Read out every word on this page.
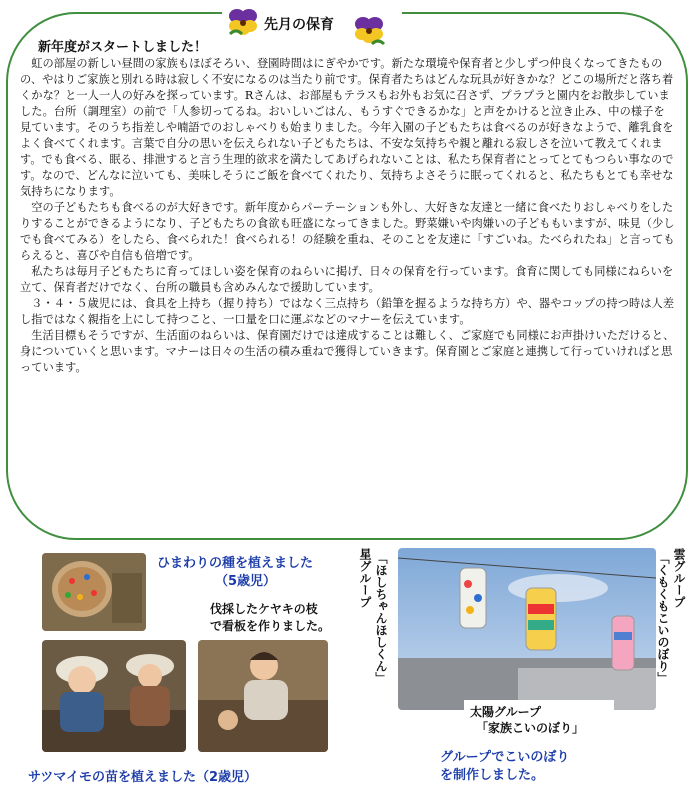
先月の保育
新年度がスタートしました！

虹の部屋の新しい昼間の家族もほぼそろい、登園時間はにぎやかです。新たな環境や保育者と少しずつ仲良くなってきたものの、やはりご家族と別れる時は寂しく不安になるのは当たり前です。保育者たちはどんな玩具が好きかな？どこの場所だと落ち着くかな？と一人一人の好みを探っています。Rさんは、お部屋もテラスもお外もお気に召さず、プラプラと園内をお散歩していました。台所（調理室）の前で「人参切ってるね。おいしいごはん、もうすぐできるかな」と声をかけると泣き止み、中の様子を見ています。そのうち指差しや喃語でのおしゃべりも始まりました。今年入園の子どもたちは食べるのが好きなようで、離乳食をよく食べてくれます。言葉で自分の思いを伝えられない子どもたちは、不安な気持ちや親と離れる寂しさを泣いて教えてくれます。でも食べる、眠る、排泄すると言う生理的欲求を満たしてあげられないことは、私たち保育者にとってとてもつらい事なのです。なので、どんなに泣いても、美味しそうにご飯を食べてくれたり、気持ちよさそうに眠ってくれると、私たちもとても幸せな気持ちになります。

空の子どもたちも食べるのが大好きです。新年度からパーテーションも外し、大好きな友達と一緒に食べたりおしゃべりをしたりすることができるようになり、子どもたちの食欲も旺盛になってきました。野菜嫌いや肉嫌いの子どももいますが、味見（少しでも食べてみる）をしたら、食べられた！食べられる！の経験を重ね、そのことを友達に「すごいね。たべられたね」と言ってもらえると、喜びや自信も倍増です。

私たちは毎月子どもたちに育ってほしい姿を保育のねらいに掲げ、日々の保育を行っています。食育に関しても同様にねらいを立て、保育者だけでなく、台所の職員も含めみんなで援助しています。

３・４・５歳児には、食具を上持ち（握り持ち）ではなく三点持ち（鉛筆を握るような持ち方）や、器やコップの持つ時は人差し指ではなく親指を上にして持つこと、一口量を口に運ぶなどのマナーを伝えています。

生活目標もそうですが、生活面のねらいは、保育園だけでは達成することは難しく、ご家庭でも同様にお声掛けいただけると、身についていくと思います。マナーは日々の生活の積み重ねで獲得していきます。保育園とご家庭と連携して行っていければと思っています。

ひまわりの種を植えました
（5歳児）
伐採したケヤキの枝
で看板を作りました。
サツマイモの苗を植えました（2歳児）
星グループ 「ほしちゃんほしくん」	雲グループ
「くもくもこいのぼり」
太陽グループ
「家族こいのぼり」
グループでこいのぼり
を制作しました。
